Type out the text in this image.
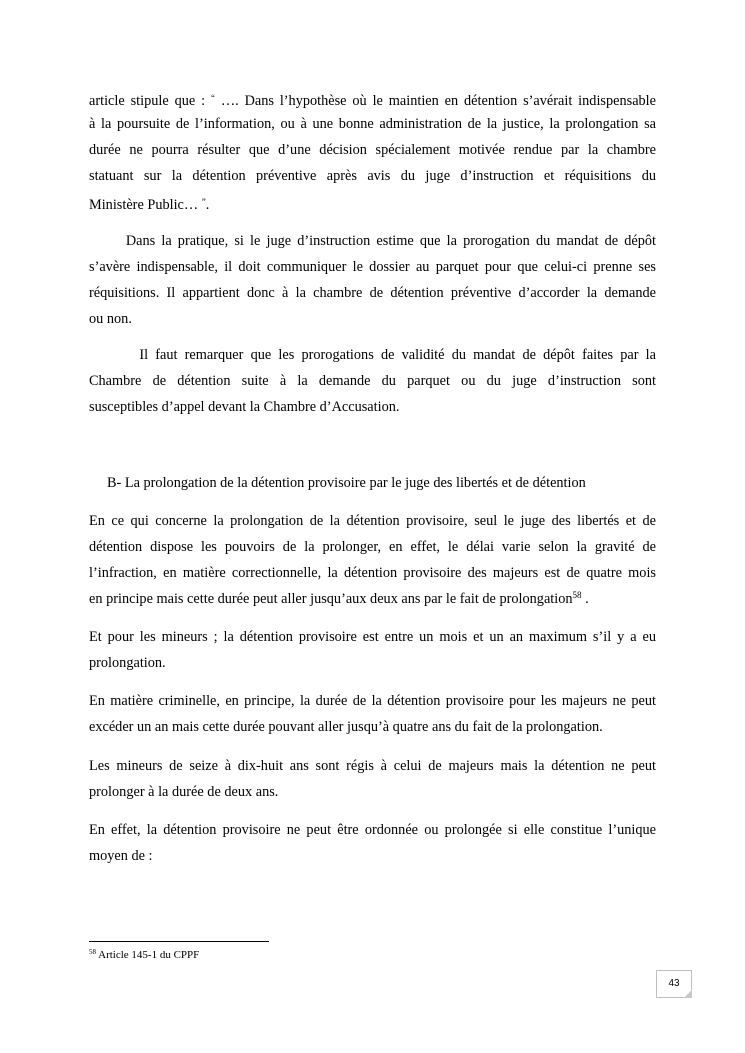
article stipule que : “ …. Dans l’hypothèse où le maintien en détention s’avérait indispensable
à la poursuite de l’information, ou à une bonne administration de la justice, la prolongation sa
durée ne pourra résulter que d’une décision spécialement motivée rendue par la chambre
statuant sur la détention préventive après avis du juge d’instruction et réquisitions du
Ministère Public… ”.
Dans la pratique, si le juge d’instruction estime que la prorogation du mandat de dépôt
s’avère indispensable, il doit communiquer le dossier au parquet pour que celui-ci prenne ses
réquisitions. Il appartient donc à la chambre de détention préventive d’accorder la demande
ou non.
Il faut remarquer que les prorogations de validité du mandat de dépôt faites par la
Chambre de détention suite à la demande du parquet ou du juge d’instruction sont
susceptibles d’appel devant la Chambre d’Accusation.
B- La prolongation de la détention provisoire par le juge des libertés et de détention
En ce qui concerne la prolongation de la détention provisoire, seul le juge des libertés et de
détention dispose les pouvoirs de la prolonger, en effet, le délai varie selon la gravité de
l’infraction, en matière correctionnelle, la détention provisoire des majeurs est de quatre mois
en principe mais cette durée peut aller jusqu’aux deux ans par le fait de prolongation$^{58}$ .
Et pour les mineurs ; la détention provisoire est entre un mois et un an maximum s’il y a eu
prolongation.
En matière criminelle, en principe, la durée de la détention provisoire pour les majeurs ne peut
excéder un an mais cette durée pouvant aller jusqu’à quatre ans du fait de la prolongation.
Les mineurs de seize à dix-huit ans sont régis à celui de majeurs mais la détention ne peut
prolonger à la durée de deux ans.
En effet, la détention provisoire ne peut être ordonnée ou prolongée si elle constitue l’unique
moyen de :
$^{58}$ Article 145-1 du CPPF
43
